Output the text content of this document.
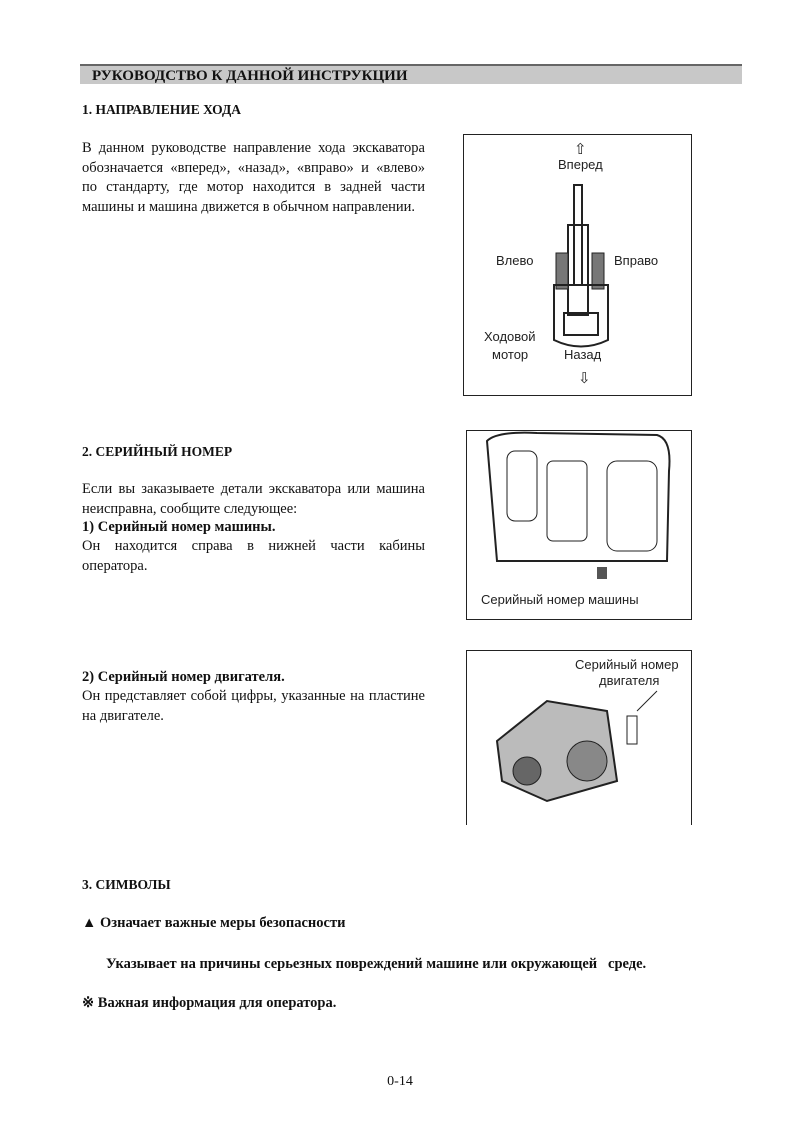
РУКОВОДСТВО К ДАННОЙ ИНСТРУКЦИИ
1. НАПРАВЛЕНИЕ ХОДА
В данном руководстве направление хода экскаватора обозначается «вперед», «назад», «вправо» и «влево» по стандарту, где мотор находится в задней части машины и машина движется в обычном направлении.
⇧
Вперед
Влево	Вправо
Ходовой
мотор	Назад
⇩
2. СЕРИЙНЫЙ НОМЕР
Если вы заказываете детали экскаватора или машина неисправна, сообщите следующее:
1) Серийный номер машины.
Он находится справа в нижней части кабины оператора.
Серийный номер машины
2) Серийный номер двигателя.
Он представляет собой цифры, указанные на пластине на двигателе.
Серийный номер
двигателя
3. СИМВОЛЫ
▲ Означает важные меры безопасности
Указывает на причины серьезных повреждений машине или окружающей   среде.
※ Важная информация для оператора.
0-14
